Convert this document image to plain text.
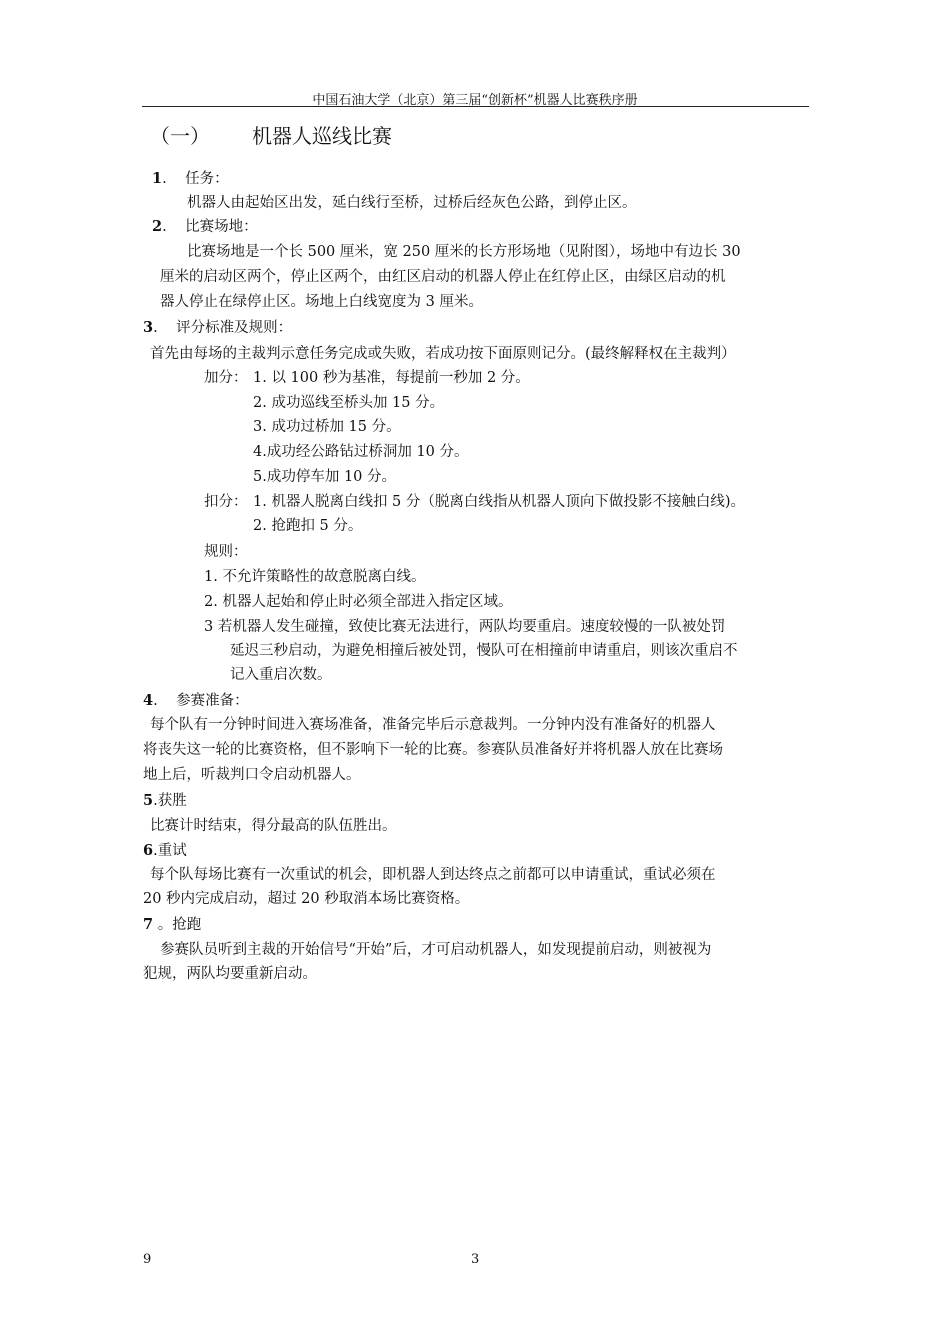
中国石油大学（北京）第三届“创新杯”机器人比赛秩序册
（一） 机器人巡线比赛
1.    任务：
机器人由起始区出发，延白线行至桥，过桥后经灰色公路，到停止区。
2.    比赛场地：
比赛场地是一个长 500 厘米，宽 250 厘米的长方形场地（见附图），场地中有边长 30
厘米的启动区两个，停止区两个，由红区启动的机器人停止在红停止区，由绿区启动的机
器人停止在绿停止区。场地上白线宽度为 3 厘米。
3.    评分标准及规则：
首先由每场的主裁判示意任务完成或失败，若成功按下面原则记分。(最终解释权在主裁判）
加分： 1. 以 100 秒为基准，每提前一秒加 2 分。
2. 成功巡线至桥头加 15 分。
3. 成功过桥加 15 分。
4.成功经公路钻过桥洞加 10 分。
5.成功停车加 10 分。
扣分： 1. 机器人脱离白线扣 5 分（脱离白线指从机器人顶向下做投影不接触白线)。
2. 抢跑扣 5 分。
规则：
1. 不允许策略性的故意脱离白线。
2. 机器人起始和停止时必须全部进入指定区域。
3 若机器人发生碰撞，致使比赛无法进行，两队均要重启。速度较慢的一队被处罚
延迟三秒启动，为避免相撞后被处罚，慢队可在相撞前申请重启，则该次重启不
记入重启次数。
4.    参赛准备：
每个队有一分钟时间进入赛场准备，准备完毕后示意裁判。一分钟内没有准备好的机器人
将丧失这一轮的比赛资格，但不影响下一轮的比赛。参赛队员准备好并将机器人放在比赛场
地上后，听裁判口令启动机器人。
5.获胜
比赛计时结束，得分最高的队伍胜出。
6.重试
每个队每场比赛有一次重试的机会，即机器人到达终点之前都可以申请重试，重试必须在
20 秒内完成启动，超过 20 秒取消本场比赛资格。
7 。抢跑
参赛队员听到主裁的开始信号“开始”后，才可启动机器人，如发现提前启动，则被视为
犯规，两队均要重新启动。
9	3
